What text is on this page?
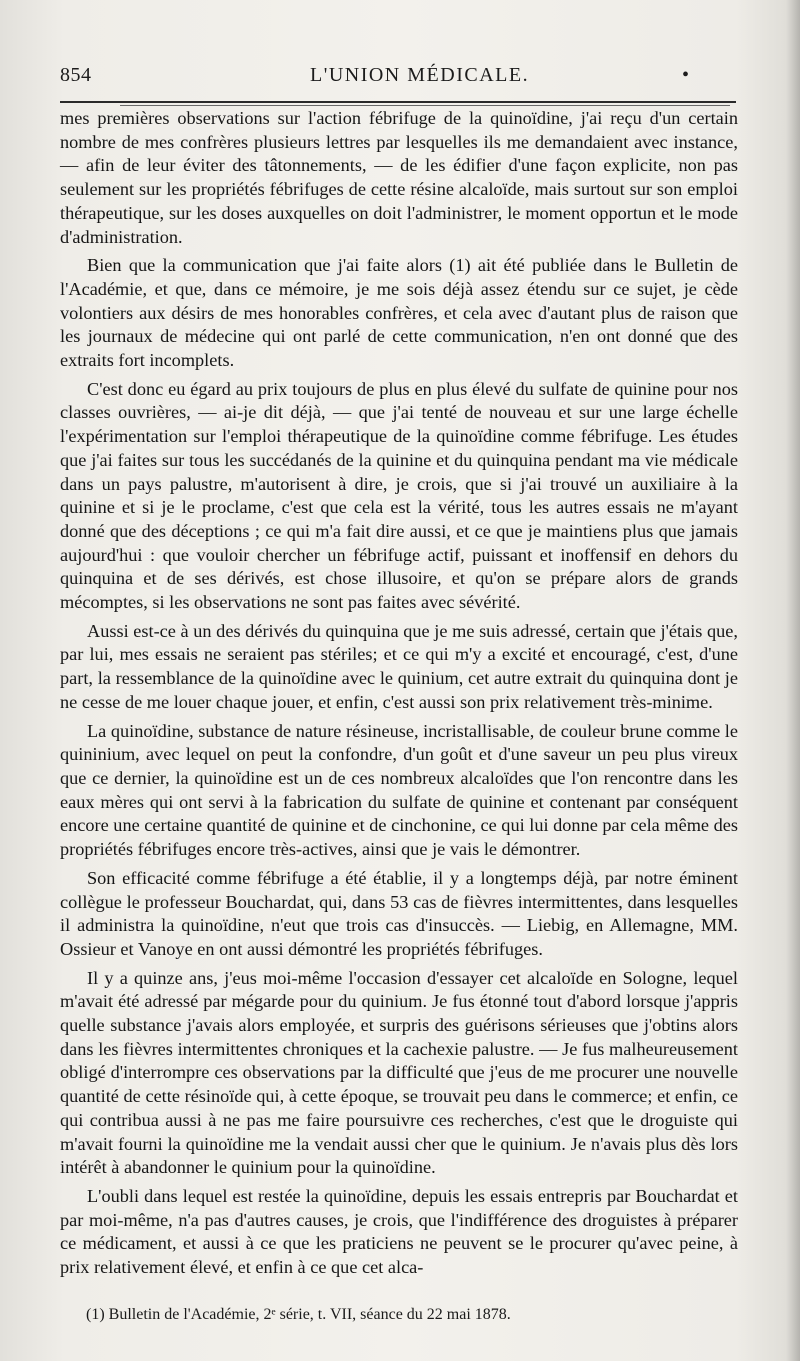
854	L'UNION MÉDICALE.	•

mes premières observations sur l'action fébrifuge de la quinoïdine, j'ai reçu d'un certain nombre de mes confrères plusieurs lettres par lesquelles ils me demandaient avec instance, — afin de leur éviter des tâtonnements, — de les édifier d'une façon explicite, non pas seulement sur les propriétés fébrifuges de cette résine alcaloïde, mais surtout sur son emploi thérapeutique, sur les doses auxquelles on doit l'administrer, le moment opportun et le mode d'administration.

Bien que la communication que j'ai faite alors (1) ait été publiée dans le Bulletin de l'Académie, et que, dans ce mémoire, je me sois déjà assez étendu sur ce sujet, je cède volontiers aux désirs de mes honorables confrères, et cela avec d'autant plus de raison que les journaux de médecine qui ont parlé de cette communication, n'en ont donné que des extraits fort incomplets.

C'est donc eu égard au prix toujours de plus en plus élevé du sulfate de quinine pour nos classes ouvrières, — ai-je dit déjà, — que j'ai tenté de nouveau et sur une large échelle l'expérimentation sur l'emploi thérapeutique de la quinoïdine comme fébrifuge. Les études que j'ai faites sur tous les succédanés de la quinine et du quinquina pendant ma vie médicale dans un pays palustre, m'autorisent à dire, je crois, que si j'ai trouvé un auxiliaire à la quinine et si je le proclame, c'est que cela est la vérité, tous les autres essais ne m'ayant donné que des déceptions ; ce qui m'a fait dire aussi, et ce que je maintiens plus que jamais aujourd'hui : que vouloir chercher un fébrifuge actif, puissant et inoffensif en dehors du quinquina et de ses dérivés, est chose illusoire, et qu'on se prépare alors de grands mécomptes, si les observations ne sont pas faites avec sévérité.

Aussi est-ce à un des dérivés du quinquina que je me suis adressé, certain que j'étais que, par lui, mes essais ne seraient pas stériles; et ce qui m'y a excité et encouragé, c'est, d'une part, la ressemblance de la quinoïdine avec le quinium, cet autre extrait du quinquina dont je ne cesse de me louer chaque jouer, et enfin, c'est aussi son prix relativement très-minime.

La quinoïdine, substance de nature résineuse, incristallisable, de couleur brune comme le quininium, avec lequel on peut la confondre, d'un goût et d'une saveur un peu plus vireux que ce dernier, la quinoïdine est un de ces nombreux alcaloïdes que l'on rencontre dans les eaux mères qui ont servi à la fabrication du sulfate de quinine et contenant par conséquent encore une certaine quantité de quinine et de cinchonine, ce qui lui donne par cela même des propriétés fébrifuges encore très-actives, ainsi que je vais le démontrer.

Son efficacité comme fébrifuge a été établie, il y a longtemps déjà, par notre éminent collègue le professeur Bouchardat, qui, dans 53 cas de fièvres intermittentes, dans lesquelles il administra la quinoïdine, n'eut que trois cas d'insuccès. — Liebig, en Allemagne, MM. Ossieur et Vanoye en ont aussi démontré les propriétés fébrifuges.

Il y a quinze ans, j'eus moi-même l'occasion d'essayer cet alcaloïde en Sologne, lequel m'avait été adressé par mégarde pour du quinium. Je fus étonné tout d'abord lorsque j'appris quelle substance j'avais alors employée, et surpris des guérisons sérieuses que j'obtins alors dans les fièvres intermittentes chroniques et la cachexie palustre. — Je fus malheureusement obligé d'interrompre ces observations par la difficulté que j'eus de me procurer une nouvelle quantité de cette résinoïde qui, à cette époque, se trouvait peu dans le commerce; et enfin, ce qui contribua aussi à ne pas me faire poursuivre ces recherches, c'est que le droguiste qui m'avait fourni la quinoïdine me la vendait aussi cher que le quinium. Je n'avais plus dès lors intérêt à abandonner le quinium pour la quinoïdine.

L'oubli dans lequel est restée la quinoïdine, depuis les essais entrepris par Bouchardat et par moi-même, n'a pas d'autres causes, je crois, que l'indifférence des droguistes à préparer ce médicament, et aussi à ce que les praticiens ne peuvent se le procurer qu'avec peine, à prix relativement élevé, et enfin à ce que cet alca-

(1) Bulletin de l'Académie, 2ᵉ série, t. VII, séance du 22 mai 1878.
